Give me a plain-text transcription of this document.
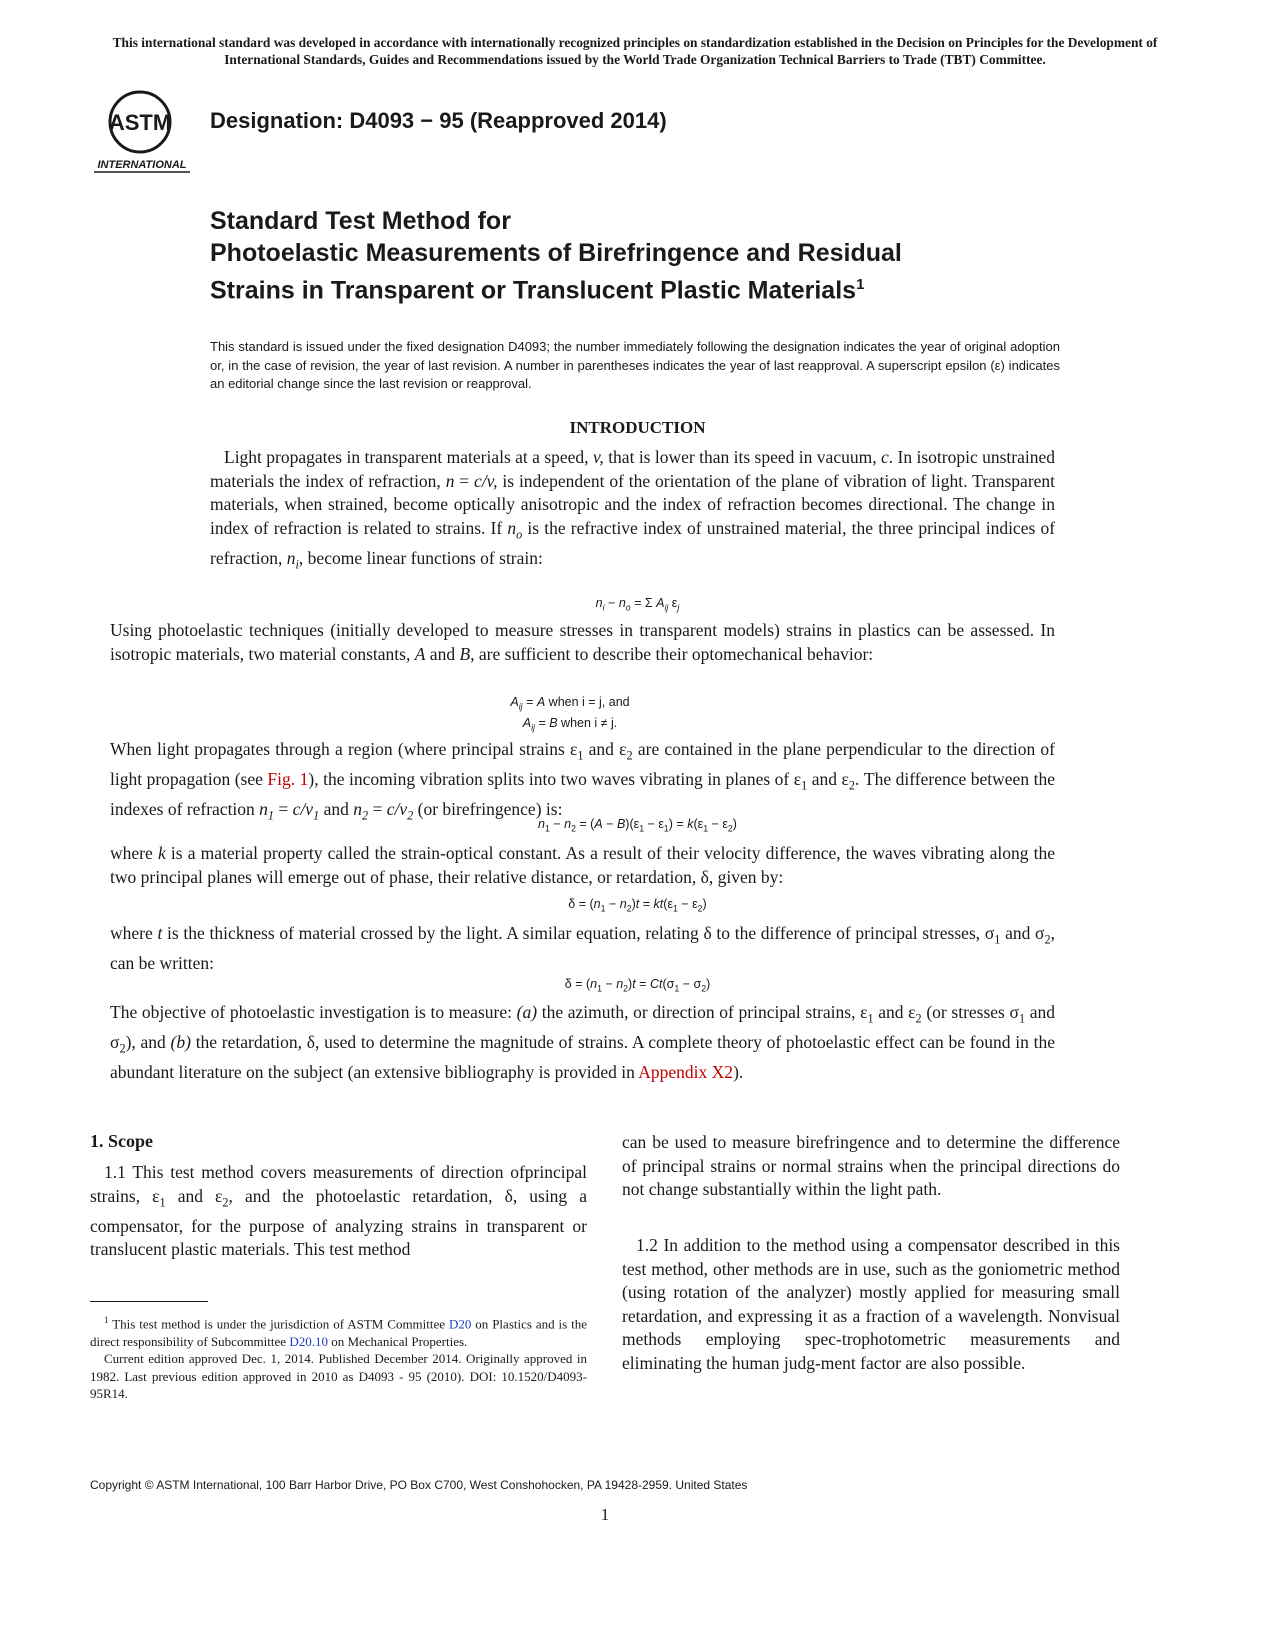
This international standard was developed in accordance with internationally recognized principles on standardization established in the Decision on Principles for the Development of International Standards, Guides and Recommendations issued by the World Trade Organization Technical Barriers to Trade (TBT) Committee.
ASTM
INTERNATIONAL
Designation: D4093 − 95 (Reapproved 2014)
Standard Test Method for
Photoelastic Measurements of Birefringence and Residual
Strains in Transparent or Translucent Plastic Materials$^1$
This standard is issued under the fixed designation D4093; the number immediately following the designation indicates the year of original adoption or, in the case of revision, the year of last revision. A number in parentheses indicates the year of last reapproval. A superscript epsilon (ε) indicates an editorial change since the last revision or reapproval.
INTRODUCTION
Light propagates in transparent materials at a speed, v, that is lower than its speed in vacuum, c. In isotropic unstrained materials the index of refraction, n = c/v, is independent of the orientation of the plane of vibration of light. Transparent materials, when strained, become optically anisotropic and the index of refraction becomes directional. The change in index of refraction is related to strains. If $n_o$ is the refractive index of unstrained material, the three principal indices of refraction, $n_i$, become linear functions of strain:
$n_i - n_o = \Sigma$ $A_{ij}$ $\varepsilon_j$
Using photoelastic techniques (initially developed to measure stresses in transparent models) strains in plastics can be assessed. In isotropic materials, two material constants, A and B, are sufficient to describe their optomechanical behavior:
$A_{ij} = A$ when i = j, and
$A_{ij} = B$ when i ≠ j.
When light propagates through a region (where principal strains $\varepsilon_1$ and $\varepsilon_2$ are contained in the plane perpendicular to the direction of light propagation (see Fig. 1), the incoming vibration splits into two waves vibrating in planes of $\varepsilon_1$ and $\varepsilon_2$. The difference between the indexes of refraction $n_1 = c/v_1$ and $n_2 = c/v_2$ (or birefringence) is:
$n_1 - n_2 = (A - B)(\varepsilon_1 - \varepsilon_1) = k(\varepsilon_1 - \varepsilon_2)$
where k is a material property called the strain-optical constant. As a result of their velocity difference, the waves vibrating along the two principal planes will emerge out of phase, their relative distance, or retardation, δ, given by:
$\delta = (n_1 - n_2)t = kt(\varepsilon_1 - \varepsilon_2)$
where t is the thickness of material crossed by the light. A similar equation, relating δ to the difference of principal stresses, $\sigma_1$ and $\sigma_2$, can be written:
$\delta = (n_1 - n_2)t = Ct(\sigma_1 - \sigma_2)$
The objective of photoelastic investigation is to measure: (a) the azimuth, or direction of principal strains, $\varepsilon_1$ and $\varepsilon_2$ (or stresses $\sigma_1$ and $\sigma_2$), and (b) the retardation, δ, used to determine the magnitude of strains. A complete theory of photoelastic effect can be found in the abundant literature on the subject (an extensive bibliography is provided in Appendix X2).
1. Scope
1.1 This test method covers measurements of direction ofprincipal strains, $\varepsilon_1$ and $\varepsilon_2$, and the photoelastic retardation, δ, using a compensator, for the purpose of analyzing strains in transparent or translucent plastic materials. This test method
$^1$ This test method is under the jurisdiction of ASTM Committee D20 on Plastics and is the direct responsibility of Subcommittee D20.10 on Mechanical Properties.
Current edition approved Dec. 1, 2014. Published December 2014. Originally approved in 1982. Last previous edition approved in 2010 as D4093 - 95 (2010). DOI: 10.1520/D4093-95R14.
can be used to measure birefringence and to determine the difference of principal strains or normal strains when the principal directions do not change substantially within the light path.
1.2 In addition to the method using a compensator described in this test method, other methods are in use, such as the goniometric method (using rotation of the analyzer) mostly applied for measuring small retardation, and expressing it as a fraction of a wavelength. Nonvisual methods employing spec-trophotometric measurements and eliminating the human judg-ment factor are also possible.
Copyright © ASTM International, 100 Barr Harbor Drive, PO Box C700, West Conshohocken, PA 19428-2959. United States
1
